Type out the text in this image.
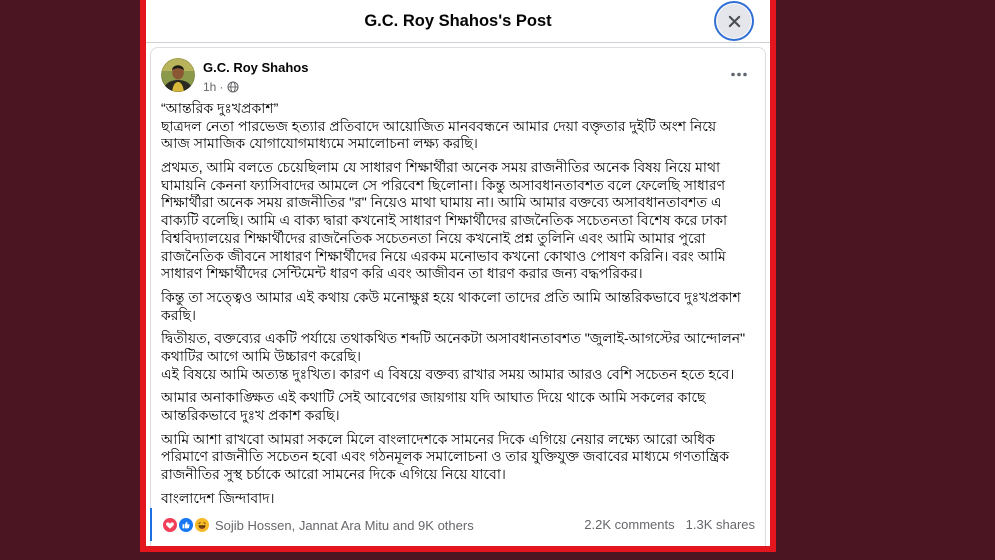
G.C. Roy Shahos's Post
G.C. Roy Shahos
1h ·
“আন্তরিক দুঃখপ্রকাশ”
ছাত্রদল নেতা পারভেজ হত্যার প্রতিবাদে আয়োজিত মানববন্ধনে আমার দেয়া বক্তৃতার দুইটি অংশ নিয়ে
আজ সামাজিক যোগাযোগমাধ্যমে সমালোচনা লক্ষ্য করছি।
প্রথমত, আমি বলতে চেয়েছিলাম যে সাধারণ শিক্ষার্থীরা অনেক সময় রাজনীতির অনেক বিষয় নিয়ে মাথা
ঘামায়নি কেননা ফ্যাসিবাদের আমলে সে পরিবেশ ছিলোনা। কিন্তু অসাবধানতাবশত বলে ফেলেছি সাধারণ
শিক্ষার্থীরা অনেক সময় রাজনীতির "র" নিয়েও মাথা ঘামায় না। আমি আমার বক্তব্যে অসাবধানতাবশত এ
বাক্যটি বলেছি। আমি এ বাক্য দ্বারা কখনোই সাধারণ শিক্ষার্থীদের রাজনৈতিক সচেতনতা বিশেষ করে ঢাকা
বিশ্ববিদ্যালয়ের শিক্ষার্থীদের রাজনৈতিক সচেতনতা নিয়ে কখনোই প্রশ্ন তুলিনি এবং আমি আমার পুরো
রাজনৈতিক জীবনে সাধারণ শিক্ষার্থীদের নিয়ে এরকম মনোভাব কখনো কোথাও পোষণ করিনি। বরং আমি
সাধারণ শিক্ষার্থীদের সেন্টিমেন্ট ধারণ করি এবং আজীবন তা ধারণ করার জন্য বদ্ধপরিকর।
কিন্তু তা সত্ত্বেও আমার এই কথায় কেউ মনোক্ষুণ্ণ হয়ে থাকলো তাদের প্রতি আমি আন্তরিকভাবে দুঃখপ্রকাশ
করছি।
দ্বিতীয়ত, বক্তব্যের একটি পর্যায়ে তথাকথিত শব্দটি অনেকটা অসাবধানতাবশত "জুলাই-আগস্টের আন্দোলন"
কথাটির আগে আমি উচ্চারণ করেছি।
এই বিষয়ে আমি অত্যন্ত দুঃখিত। কারণ এ বিষয়ে বক্তব্য রাখার সময় আমার আরও বেশি সচেতন হতে হবে।
আমার অনাকাঙ্ক্ষিত এই কথাটি সেই আবেগের জায়গায় যদি আঘাত দিয়ে থাকে আমি সকলের কাছে
আন্তরিকভাবে দুঃখ প্রকাশ করছি।
আমি আশা রাখবো আমরা সকলে মিলে বাংলাদেশকে সামনের দিকে এগিয়ে নেয়ার লক্ষ্যে আরো অধিক
পরিমাণে রাজনীতি সচেতন হবো এবং গঠনমূলক সমালোচনা ও তার যুক্তিযুক্ত জবাবের মাধ্যমে গণতান্ত্রিক
রাজনীতির সুস্থ চর্চাকে আরো সামনের দিকে এগিয়ে নিয়ে যাবো।
বাংলাদেশ জিন্দাবাদ।
Sojib Hossen, Jannat Ara Mitu and 9K others	2.2K comments 1.3K shares
